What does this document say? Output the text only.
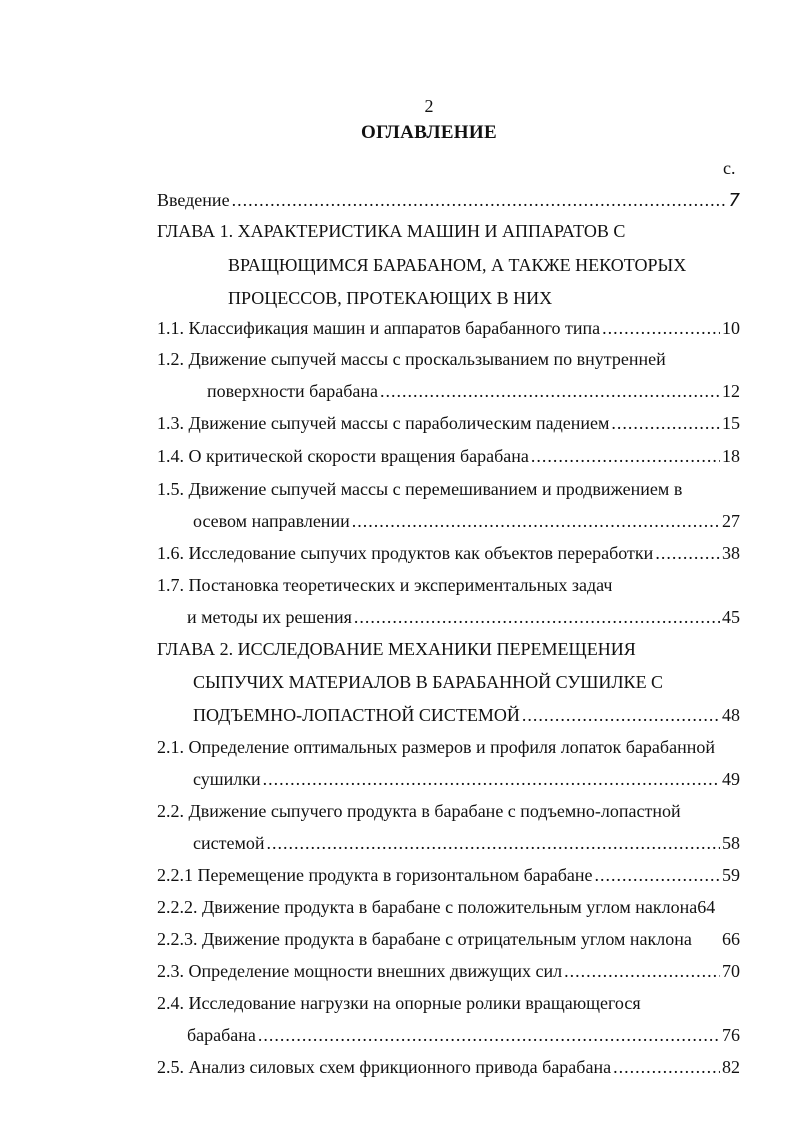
2
ОГЛАВЛЕНИЕ
с.
Введение .....	7
ГЛАВА 1. ХАРАКТЕРИСТИКА МАШИН И АППАРАТОВ С
ВРАЩЮЩИМСЯ БАРАБАНОМ, А ТАКЖЕ НЕКОТОРЫХ
ПРОЦЕССОВ, ПРОТЕКАЮЩИХ В НИХ
1.1. Классификация машин и аппаратов барабанного типа .....	10
1.2. Движение сыпучей массы с проскальзыванием по внутренней
поверхности барабана .....	12
1.3. Движение сыпучей массы с параболическим падением .....	15
1.4. О критической скорости вращения барабана .....	18
1.5. Движение сыпучей массы с перемешиванием и продвижением в
осевом направлении .....	27
1.6. Исследование сыпучих продуктов как объектов переработки .....	38
1.7. Постановка теоретических и экспериментальных задач
и методы их решения .....	45
ГЛАВА 2. ИССЛЕДОВАНИЕ МЕХАНИКИ ПЕРЕМЕЩЕНИЯ
СЫПУЧИХ МАТЕРИАЛОВ В БАРАБАННОЙ СУШИЛКЕ С
ПОДЪЕМНО-ЛОПАСТНОЙ СИСТЕМОЙ .....	48
2.1. Определение оптимальных размеров и профиля лопаток барабанной
сушилки .....	49
2.2. Движение сыпучего продукта в барабане с подъемно-лопастной
системой .....	58
2.2.1 Перемещение продукта в горизонтальном барабане .....	59
2.2.2. Движение продукта в барабане с положительным углом наклона 64
2.2.3. Движение продукта в барабане с отрицательным углом наклона 66
2.3. Определение мощности внешних движущих сил .....	70
2.4. Исследование нагрузки на опорные ролики вращающегося
барабана .....	76
2.5. Анализ силовых схем фрикционного привода барабана .....	82
